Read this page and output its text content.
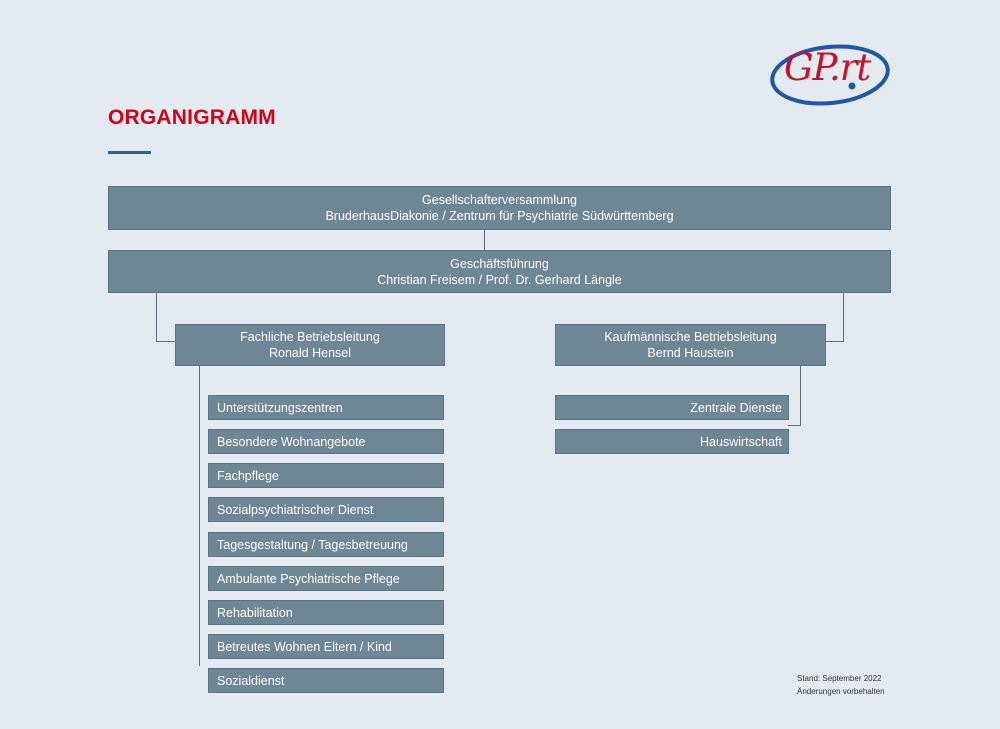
GP.rt
ORGANIGRAMM
Gesellschafterversammlung
BruderhausDiakonie / Zentrum für Psychiatrie Südwürttemberg
Geschäftsführung
Christian Freisem / Prof. Dr. Gerhard Längle
Fachliche Betriebsleitung
Ronald Hensel
Kaufmännische Betriebsleitung
Bernd Haustein
Unterstützungszentren
Besondere Wohnangebote
Fachpflege
Sozialpsychiatrischer Dienst
Tagesgestaltung / Tagesbetreuung
Ambulante Psychiatrische Pflege
Rehabilitation
Betreutes Wohnen Eltern / Kind
Sozialdienst
Zentrale Dienste
Hauswirtschaft
Stand: September 2022
Änderungen vorbehalten
